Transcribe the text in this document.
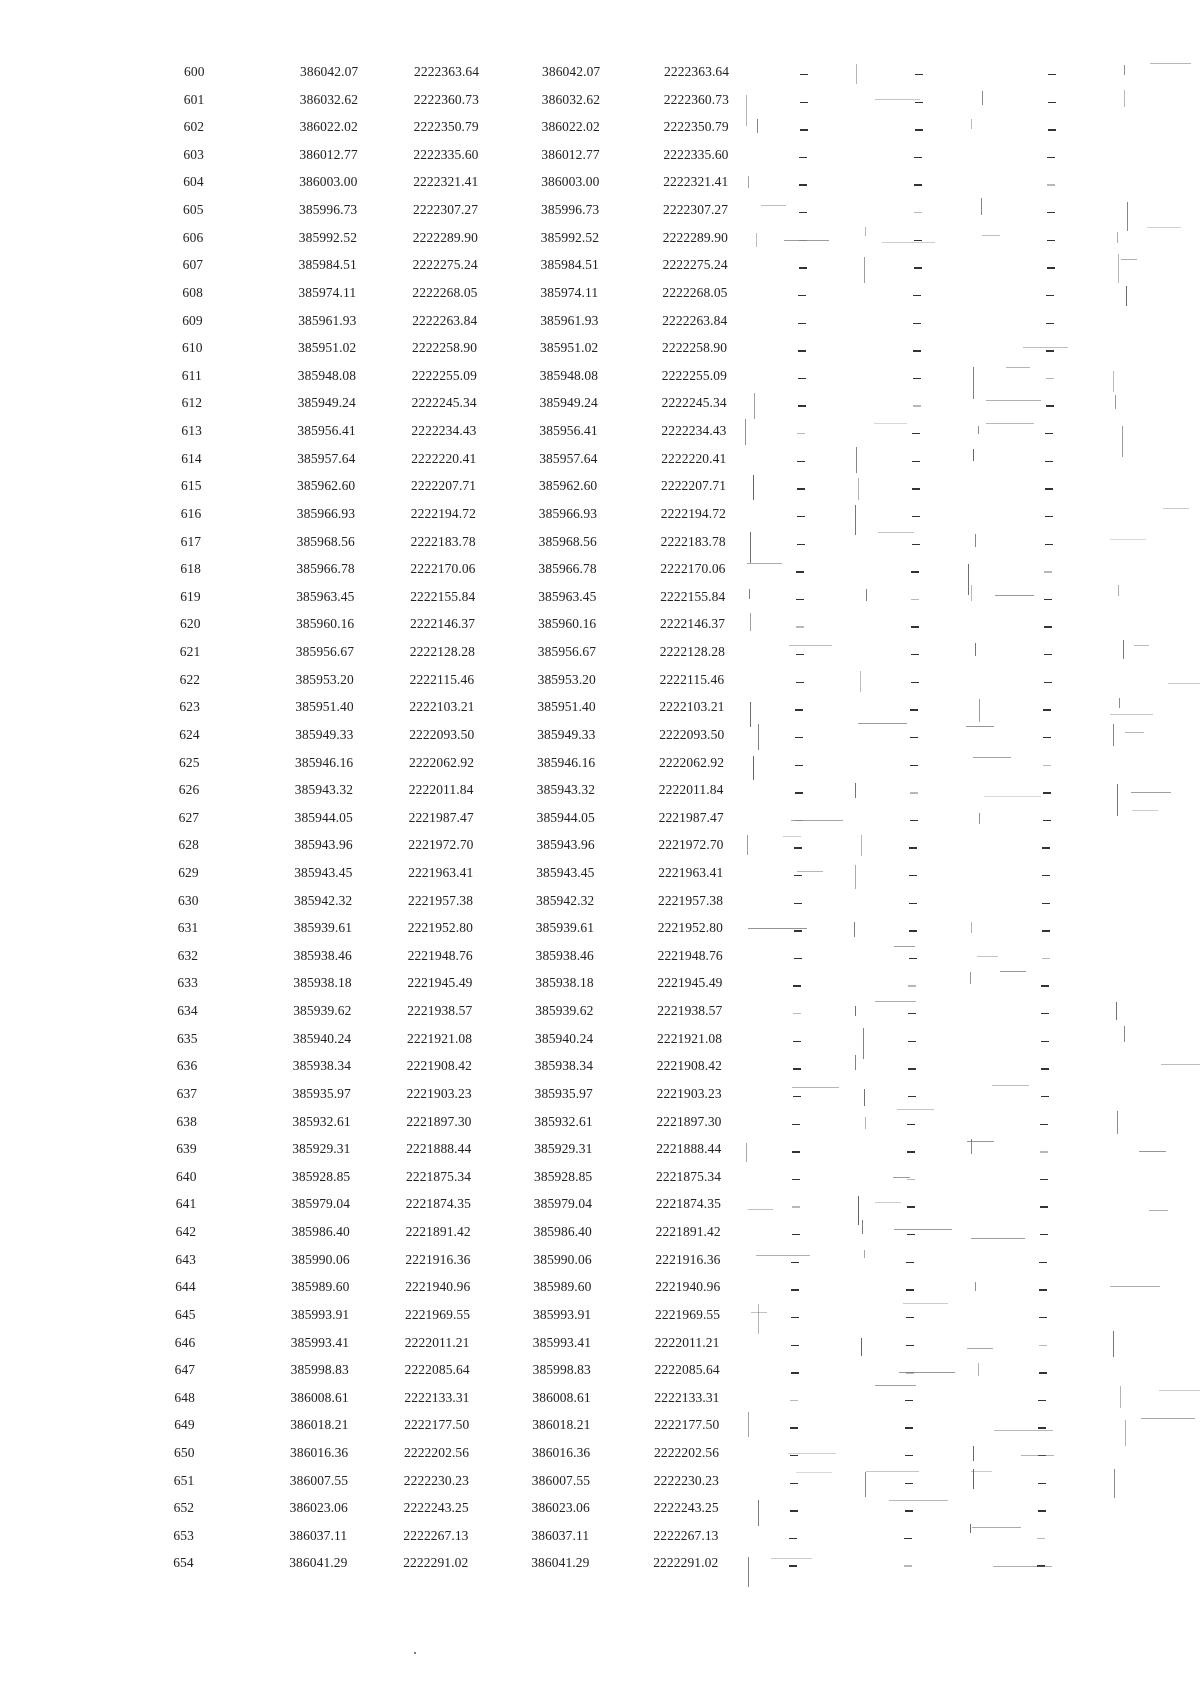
600	386042.07	2222363.64	386042.07	2222363.64
601	386032.62	2222360.73	386032.62	2222360.73
602	386022.02	2222350.79	386022.02	2222350.79
603	386012.77	2222335.60	386012.77	2222335.60
604	386003.00	2222321.41	386003.00	2222321.41
605	385996.73	2222307.27	385996.73	2222307.27
606	385992.52	2222289.90	385992.52	2222289.90
607	385984.51	2222275.24	385984.51	2222275.24
608	385974.11	2222268.05	385974.11	2222268.05
609	385961.93	2222263.84	385961.93	2222263.84
610	385951.02	2222258.90	385951.02	2222258.90
611	385948.08	2222255.09	385948.08	2222255.09
612	385949.24	2222245.34	385949.24	2222245.34
613	385956.41	2222234.43	385956.41	2222234.43
614	385957.64	2222220.41	385957.64	2222220.41
615	385962.60	2222207.71	385962.60	2222207.71
616	385966.93	2222194.72	385966.93	2222194.72
617	385968.56	2222183.78	385968.56	2222183.78
618	385966.78	2222170.06	385966.78	2222170.06
619	385963.45	2222155.84	385963.45	2222155.84
620	385960.16	2222146.37	385960.16	2222146.37
621	385956.67	2222128.28	385956.67	2222128.28
622	385953.20	2222115.46	385953.20	2222115.46
623	385951.40	2222103.21	385951.40	2222103.21
624	385949.33	2222093.50	385949.33	2222093.50
625	385946.16	2222062.92	385946.16	2222062.92
626	385943.32	2222011.84	385943.32	2222011.84
627	385944.05	2221987.47	385944.05	2221987.47
628	385943.96	2221972.70	385943.96	2221972.70
629	385943.45	2221963.41	385943.45	2221963.41
630	385942.32	2221957.38	385942.32	2221957.38
631	385939.61	2221952.80	385939.61	2221952.80
632	385938.46	2221948.76	385938.46	2221948.76
633	385938.18	2221945.49	385938.18	2221945.49
634	385939.62	2221938.57	385939.62	2221938.57
635	385940.24	2221921.08	385940.24	2221921.08
636	385938.34	2221908.42	385938.34	2221908.42
637	385935.97	2221903.23	385935.97	2221903.23
638	385932.61	2221897.30	385932.61	2221897.30
639	385929.31	2221888.44	385929.31	2221888.44
640	385928.85	2221875.34	385928.85	2221875.34
641	385979.04	2221874.35	385979.04	2221874.35
642	385986.40	2221891.42	385986.40	2221891.42
643	385990.06	2221916.36	385990.06	2221916.36
644	385989.60	2221940.96	385989.60	2221940.96
645	385993.91	2221969.55	385993.91	2221969.55
646	385993.41	2222011.21	385993.41	2222011.21
647	385998.83	2222085.64	385998.83	2222085.64
648	386008.61	2222133.31	386008.61	2222133.31
649	386018.21	2222177.50	386018.21	2222177.50
650	386016.36	2222202.56	386016.36	2222202.56
651	386007.55	2222230.23	386007.55	2222230.23
652	386023.06	2222243.25	386023.06	2222243.25
653	386037.11	2222267.13	386037.11	2222267.13
654	386041.29	2222291.02	386041.29	2222291.02
